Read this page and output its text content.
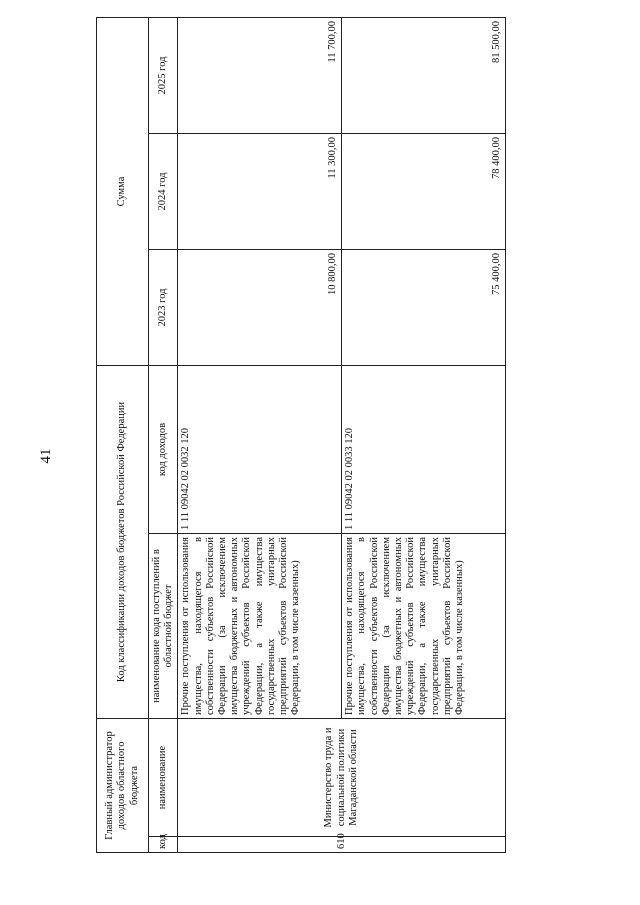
41
Главный администратор доходов областного бюджета		Код классификации доходов бюджетов Российской Федерации		Сумма		
код	наименование	наименование кода поступлений в областной бюджет	код доходов	2023 год	2024 год	2025 год
610	Министерство труда и социальной политики Магаданской области	Прочие поступления от использования имущества, находящегося в собственности субъектов Российской Федерации (за исключением имущества бюджетных и автономных учреждений субъектов Российской Федерации, а также имущества государственных унитарных предприятий субъектов Российской Федерации, в том числе казенных)	1 11 09042 02 0032 120	10 800,00	11 300,00	11 700,00
		Прочие поступления от использования имущества, находящегося в собственности субъектов Российской Федерации (за исключением имущества бюджетных и автономных учреждений субъектов Российской Федерации, а также имущества государственных унитарных предприятий субъектов Российской Федерации, в том числе казенных)	1 11 09042 02 0033 120	75 400,00	78 400,00	81 500,00
